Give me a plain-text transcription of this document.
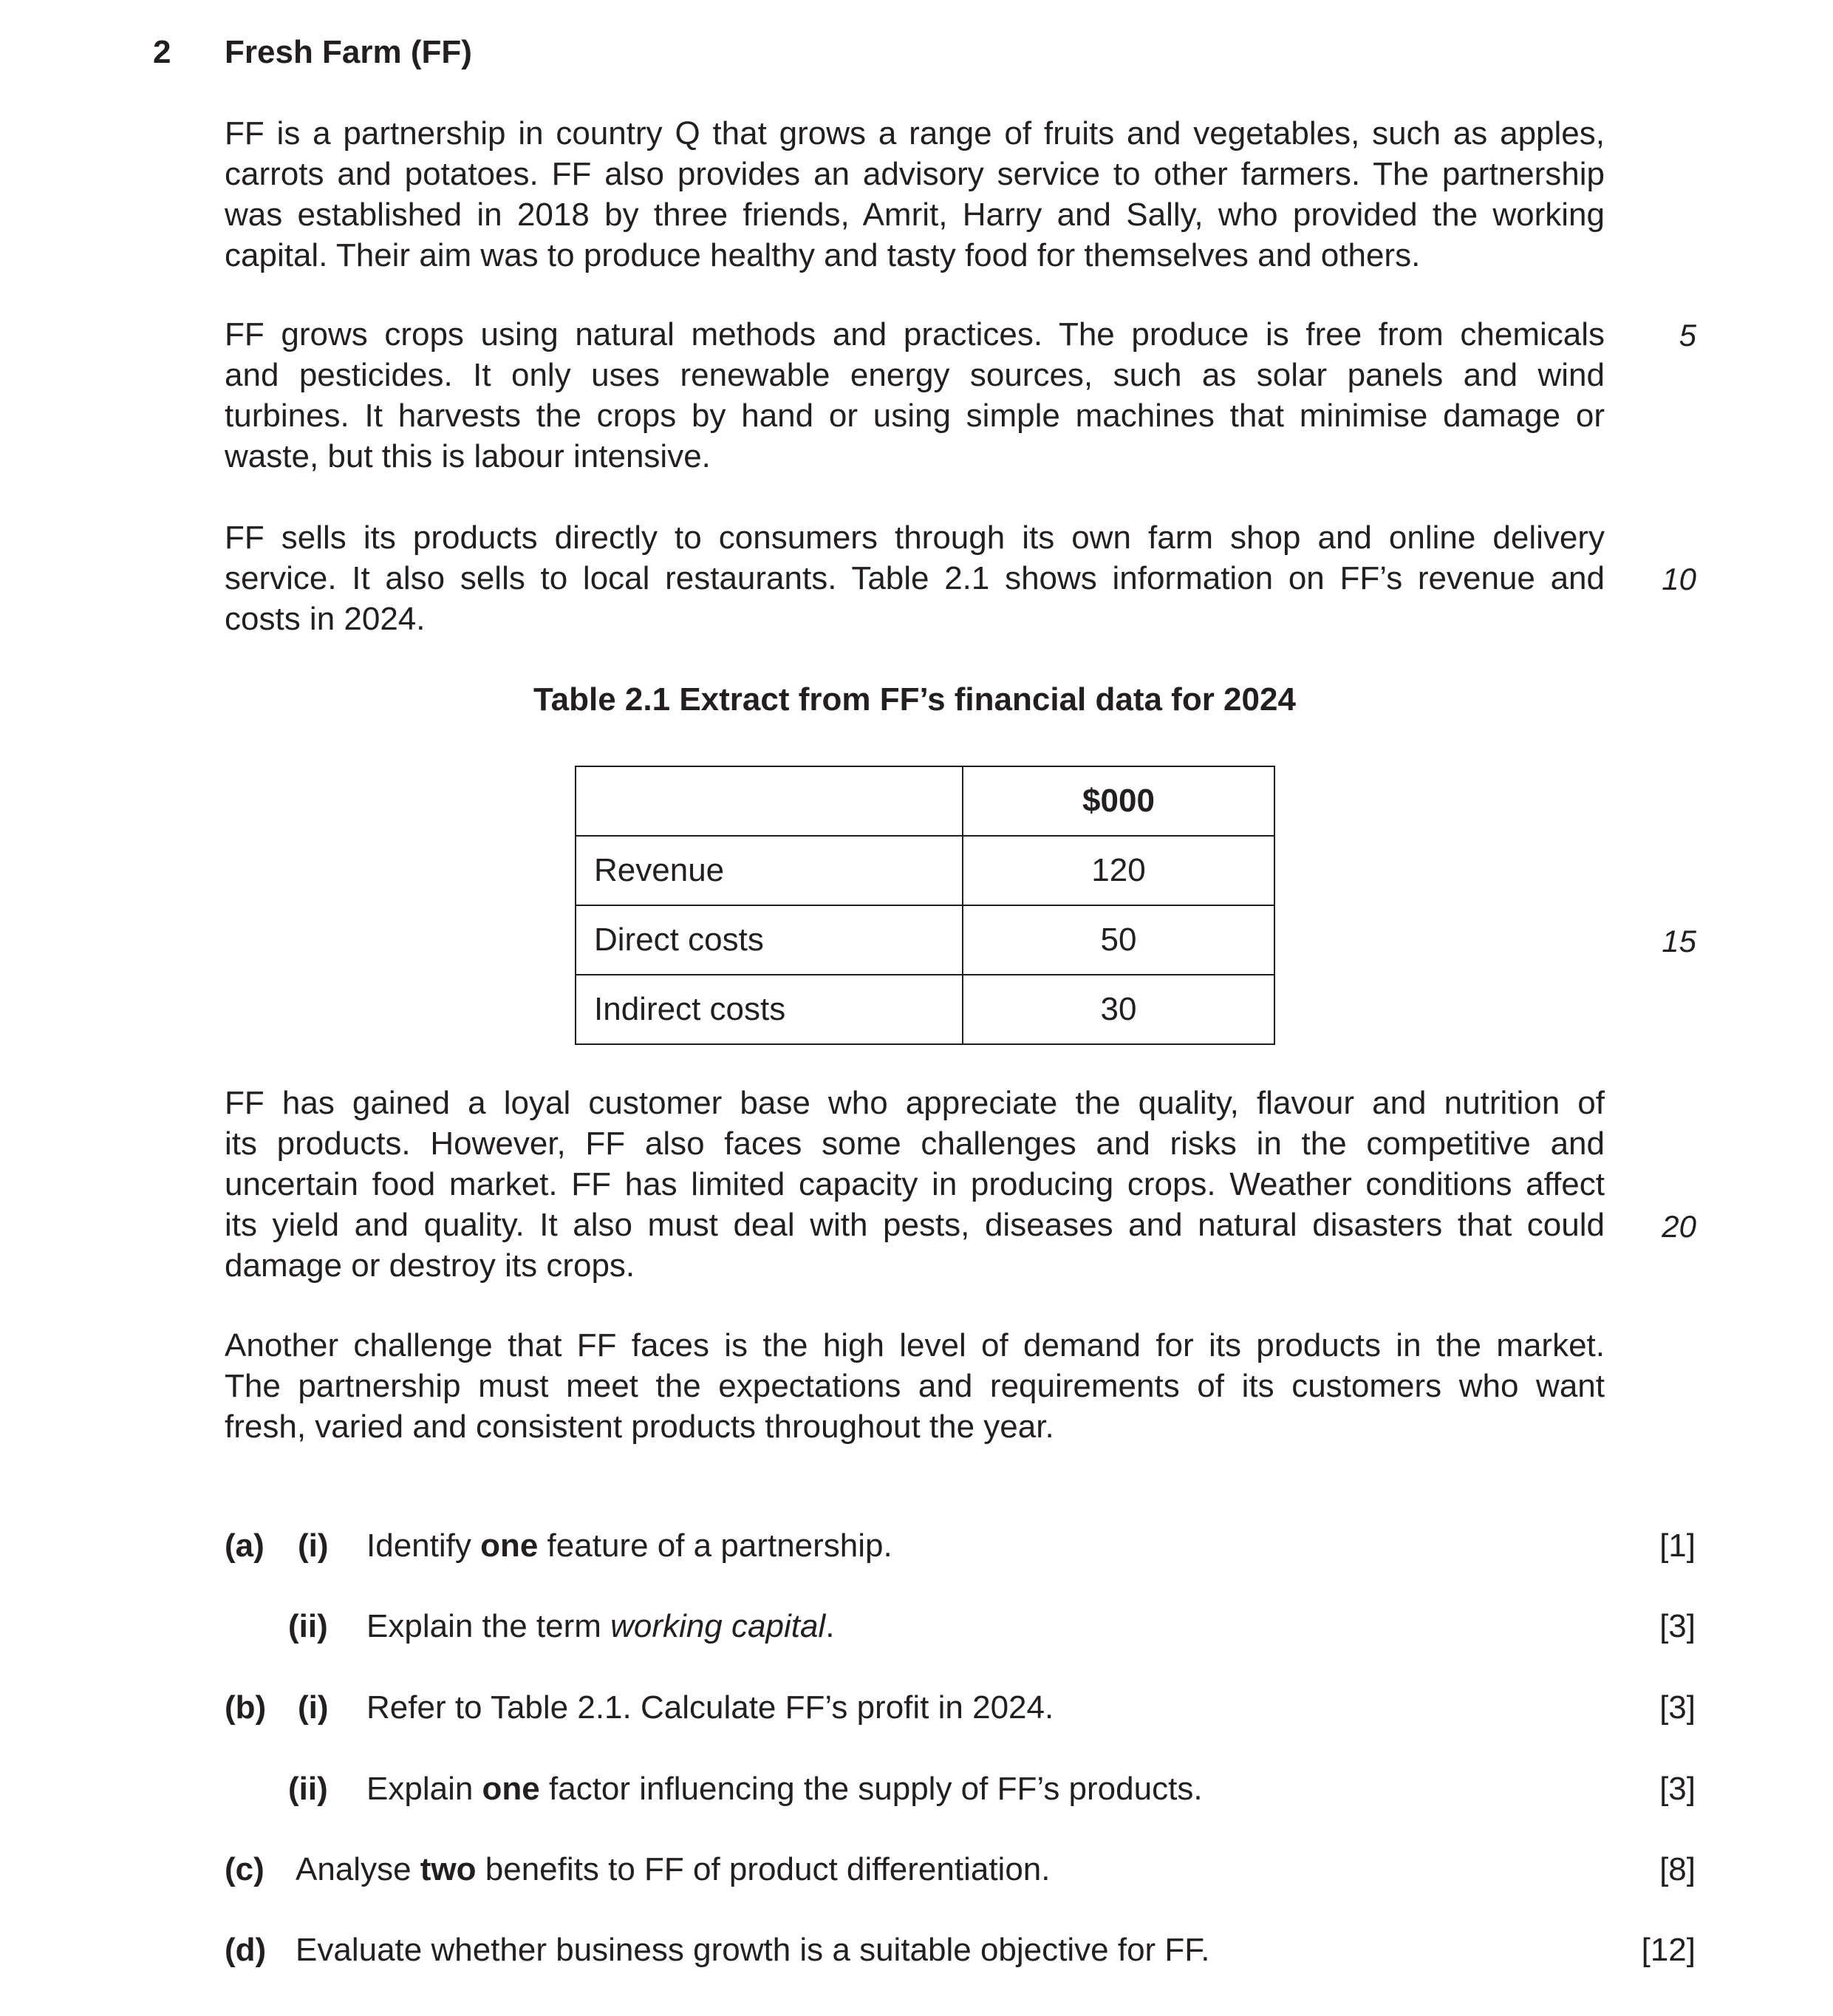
2 Fresh Farm (FF)
FF is a partnership in country Q that grows a range of fruits and vegetables, such as apples,
carrots and potatoes. FF also provides an advisory service to other farmers. The partnership
was established in 2018 by three friends, Amrit, Harry and Sally, who provided the working
capital. Their aim was to produce healthy and tasty food for themselves and others.
FF grows crops using natural methods and practices. The produce is free from chemicals
and pesticides. It only uses renewable energy sources, such as solar panels and wind
turbines. It harvests the crops by hand or using simple machines that minimise damage or
waste, but this is labour intensive.
5
FF sells its products directly to consumers through its own farm shop and online delivery
service. It also sells to local restaurants. Table 2.1 shows information on FF’s revenue and
costs in 2024.
10
Table 2.1 Extract from FF’s financial data for 2024
	$000
Revenue	120
Direct costs	50
Indirect costs	30
15
FF has gained a loyal customer base who appreciate the quality, flavour and nutrition of
its products. However, FF also faces some challenges and risks in the competitive and
uncertain food market. FF has limited capacity in producing crops. Weather conditions affect
its yield and quality. It also must deal with pests, diseases and natural disasters that could
damage or destroy its crops.
20
Another challenge that FF faces is the high level of demand for its products in the market.
The partnership must meet the expectations and requirements of its customers who want
fresh, varied and consistent products throughout the year.
(a) (i) Identify one feature of a partnership.	[1]
(ii) Explain the term working capital.	[3]
(b) (i) Refer to Table 2.1. Calculate FF’s profit in 2024.	[3]
(ii) Explain one factor influencing the supply of FF’s products.	[3]
(c) Analyse two benefits to FF of product differentiation.	[8]
(d) Evaluate whether business growth is a suitable objective for FF.	[12]
